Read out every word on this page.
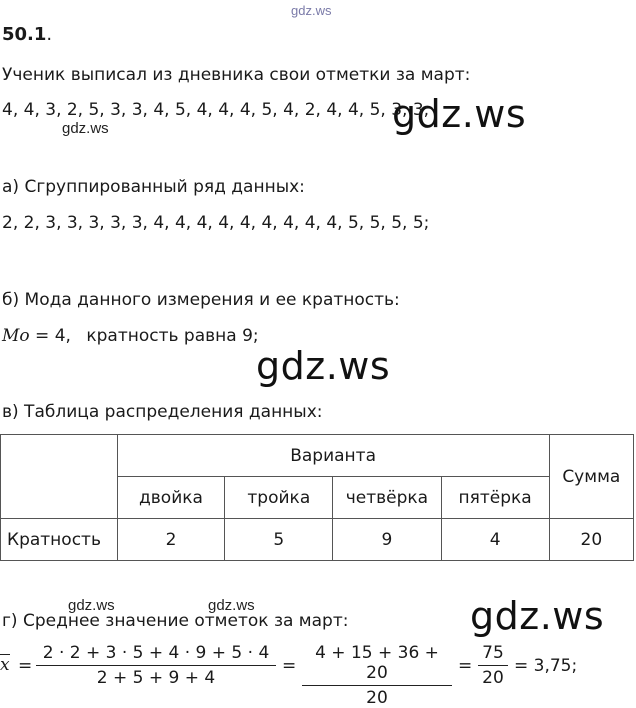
gdz.ws
gdz.ws	gdz.ws
gdz.ws
gdz.ws	gdz.ws	gdz.ws
50.1.
Ученик выписал из дневника свои отметки за март:
4, 4, 3, 2, 5, 3, 3, 4, 5, 4, 4, 4, 5, 4, 2, 4, 4, 5, 3, 3;
а) Сгруппированный ряд данных:
2, 2, 3, 3, 3, 3, 3, 4, 4, 4, 4, 4, 4, 4, 4, 4, 5, 5, 5, 5;
б) Мода данного измерения и ее кратность:
Mo = 4, кратность равна 9;
в) Таблица распределения данных:
	Варианта				Сумма
	двойка	тройка	четвёрка	пятёрка	
Кратность	2	5	9	4	20
г) Среднее значение отметок за март:
x =
2 · 2 + 3 · 5 + 4 · 9 + 5 · 4
2 + 5 + 9 + 4
=
4 + 15 + 36 + 20
20
=
75
20
= 3,75;
